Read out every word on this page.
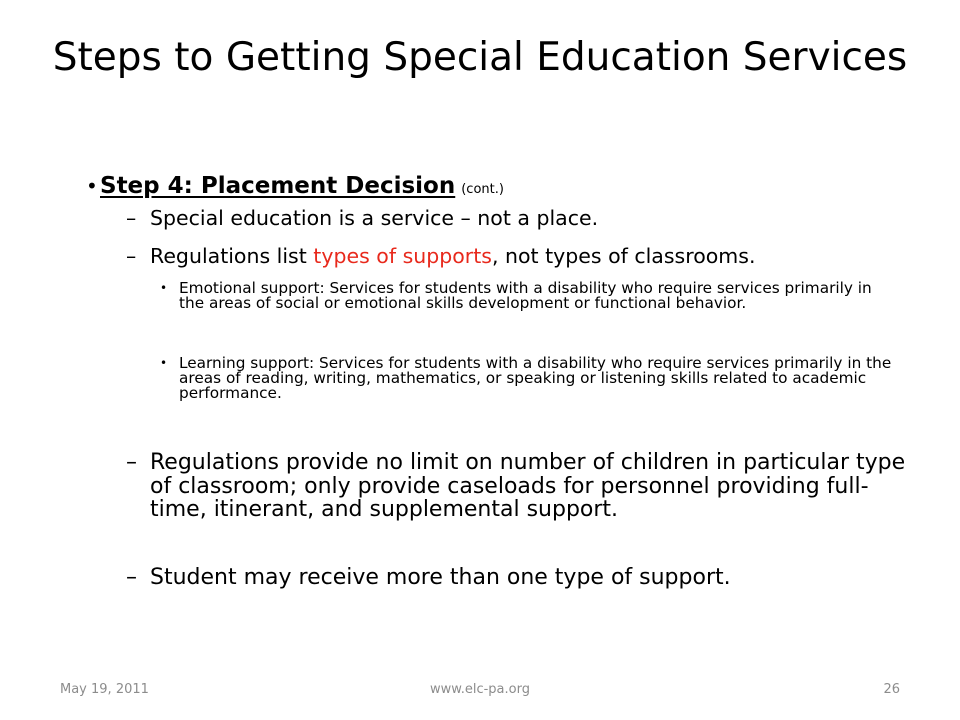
Steps to Getting Special Education Services
• Step 4: Placement Decision (cont.)
– Special education is a service – not a place.
– Regulations list types of supports, not types of classrooms.
• Emotional support: Services for students with a disability who require services primarily in the areas of social or emotional skills development or functional behavior.
• Learning support: Services for students with a disability who require services primarily in the areas of reading, writing, mathematics, or speaking or listening skills related to academic performance.
– Regulations provide no limit on number of children in particular type of classroom; only provide caseloads for personnel providing full-time, itinerant, and supplemental support.
– Student may receive more than one type of support.
May 19, 2011	www.elc-pa.org	26
